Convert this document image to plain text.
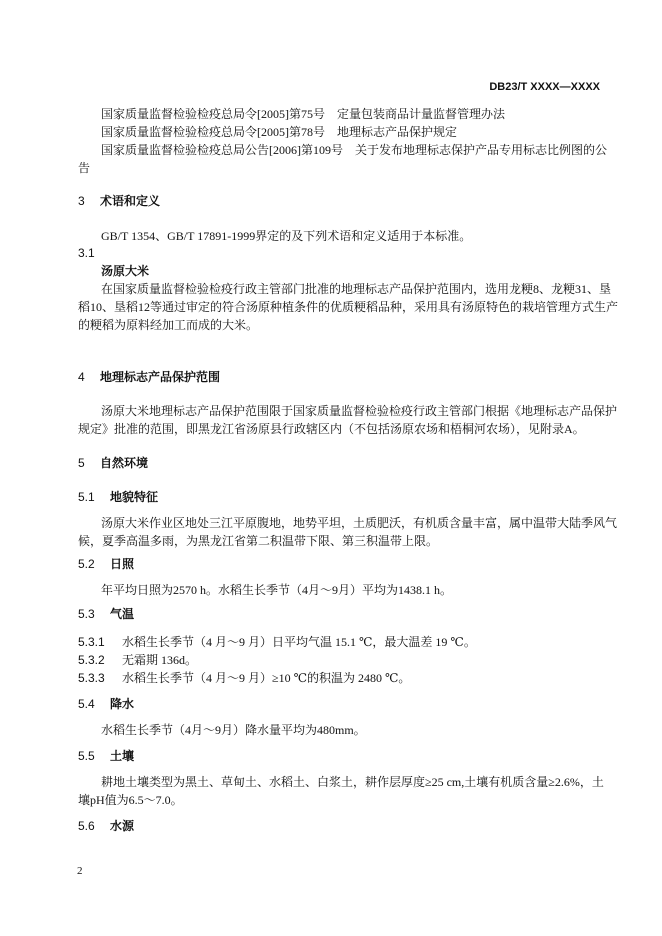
DB23/T XXXX—XXXX
国家质量监督检验检疫总局令[2005]第75号　定量包装商品计量监督管理办法
国家质量监督检验检疫总局令[2005]第78号　地理标志产品保护规定
国家质量监督检验检疫总局公告[2006]第109号　关于发布地理标志保护产品专用标志比例图的公
告
3 术语和定义
GB/T 1354、GB/T 17891-1999界定的及下列术语和定义适用于本标准。
3.1
汤原大米
在国家质量监督检验检疫行政主管部门批准的地理标志产品保护范围内，选用龙粳8、龙粳31、垦
稻10、垦稻12等通过审定的符合汤原种植条件的优质粳稻品种，采用具有汤原特色的栽培管理方式生产
的粳稻为原料经加工而成的大米。
4 地理标志产品保护范围
汤原大米地理标志产品保护范围限于国家质量监督检验检疫行政主管部门根据《地理标志产品保护
规定》批准的范围，即黑龙江省汤原县行政辖区内（不包括汤原农场和梧桐河农场），见附录A。
5 自然环境
5.1 地貌特征
汤原大米作业区地处三江平原腹地，地势平坦，土质肥沃，有机质含量丰富，属中温带大陆季风气
候，夏季高温多雨，为黑龙江省第二积温带下限、第三积温带上限。
5.2 日照
年平均日照为2570 h。水稻生长季节（4月～9月）平均为1438.1 h。
5.3 气温
5.3.1 水稻生长季节（4 月～9 月）日平均气温 15.1 ℃，最大温差 19 ℃。
5.3.2 无霜期 136d。
5.3.3 水稻生长季节（4 月～9 月）≥10 ℃的积温为 2480 ℃。
5.4 降水
水稻生长季节（4月～9月）降水量平均为480mm。
5.5 土壤
耕地土壤类型为黑土、草甸土、水稻土、白浆土，耕作层厚度≥25 cm,土壤有机质含量≥2.6%，土
壤pH值为6.5～7.0。
5.6 水源
2
